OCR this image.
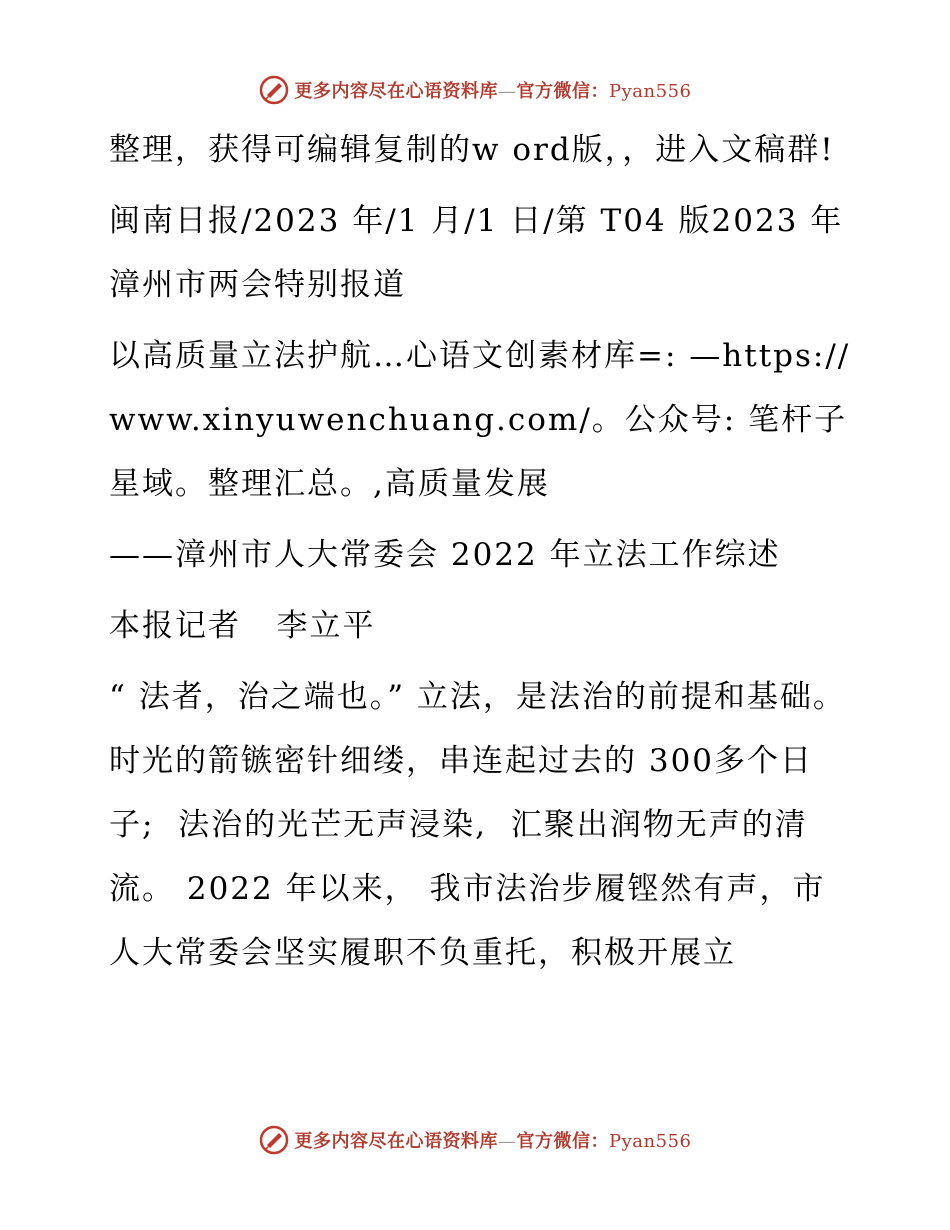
更多内容尽在心语资料库—官方微信：Pyan556

整理，获得可编辑复制的w ord版，，进入文稿群!

闽南日报/2023 年/1 月/1 日/第 T04 版2023 年漳州市两会特别报道

以高质量立法护航…心语文创素材库=: —https://www.xinyuwenchuang.com/。公众号: 笔杆子星域。整理汇总。,高质量发展

——漳州市人大常委会 2022 年立法工作综述

本报记者   李立平

“ 法者，治之端也。” 立法，是法治的前提和基础。时光的箭镞密针细缕，串连起过去的 300多个日子;  法治的光芒无声浸染,  汇聚出润物无声的清流。 2022 年以来， 我市法治步履铿然有声，市人大常委会坚实履职不负重托，积极开展立

更多内容尽在心语资料库—官方微信：Pyan556
